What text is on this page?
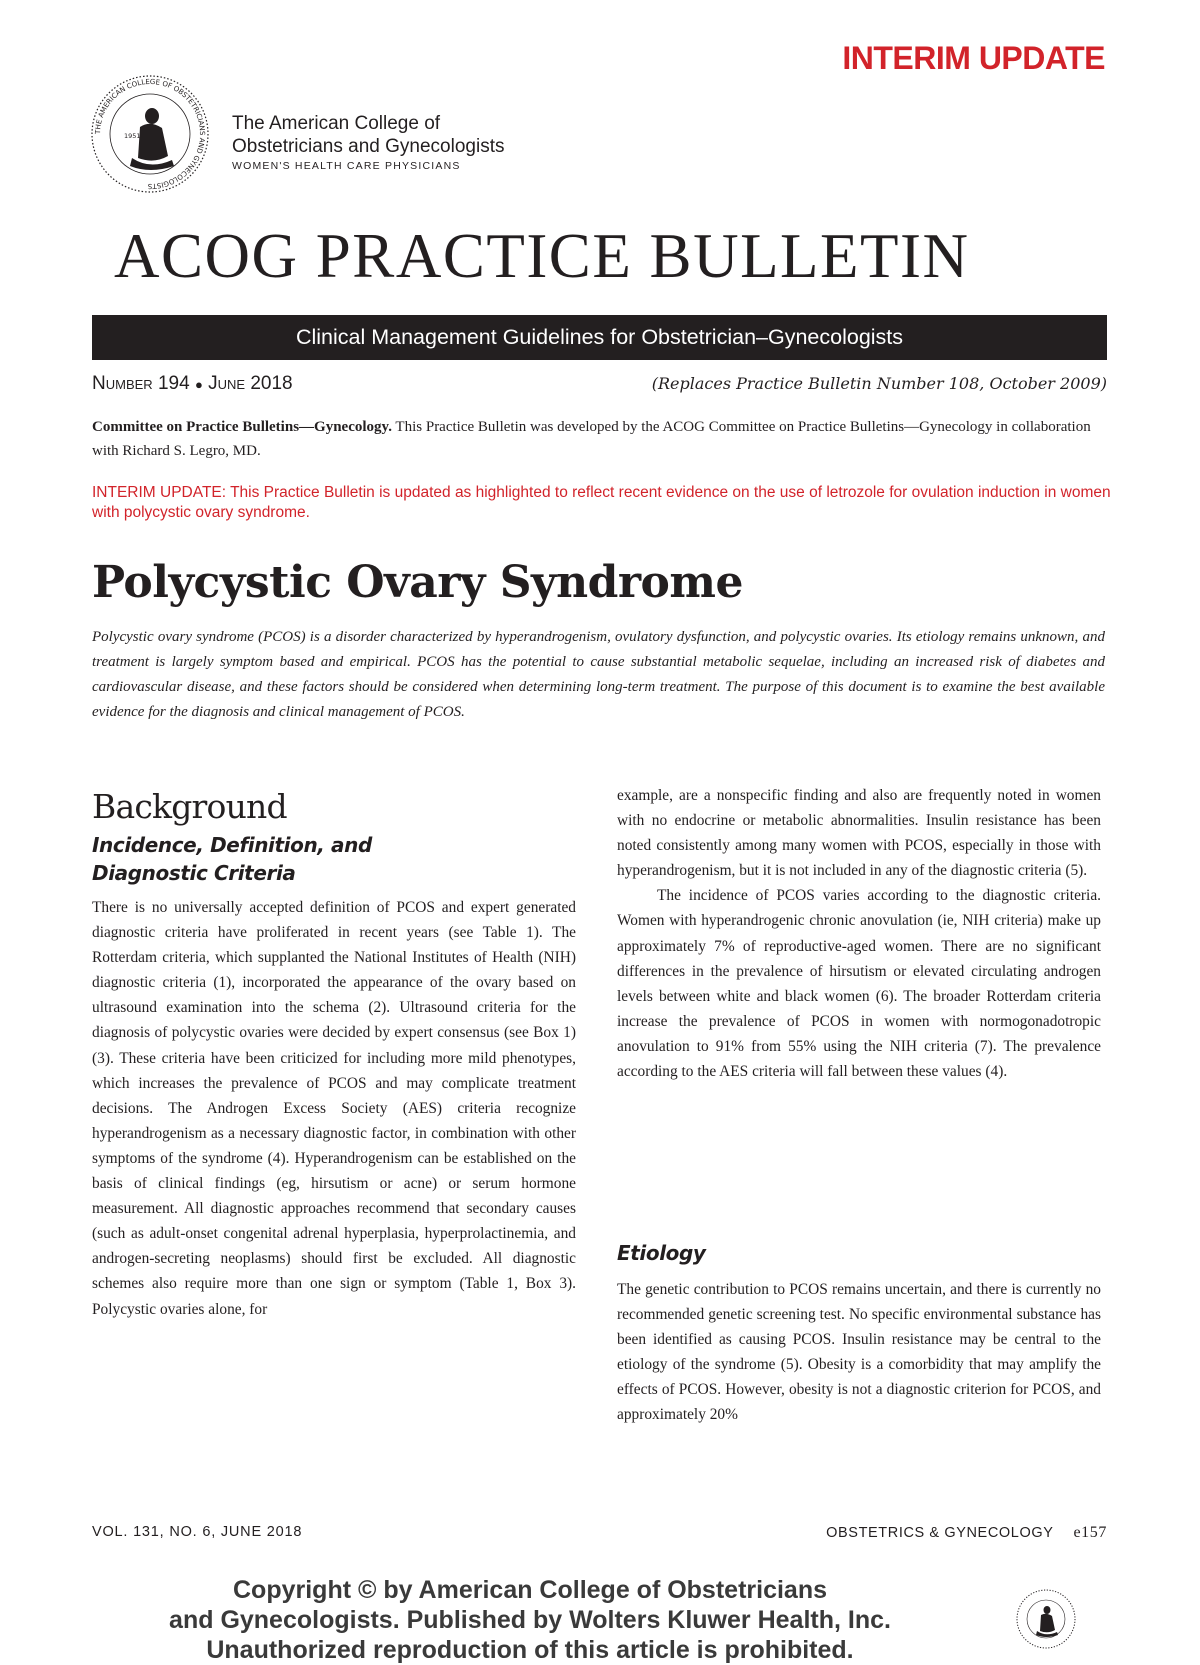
INTERIM UPDATE
THE AMERICAN COLLEGE OF OBSTETRICIANS AND GYNECOLOGISTS
1951
The American College of
Obstetricians and Gynecologists
WOMEN'S HEALTH CARE PHYSICIANS
ACOG PRACTICE BULLETIN
Clinical Management Guidelines for Obstetrician–Gynecologists
Number 194 ● June 2018	(Replaces Practice Bulletin Number 108, October 2009)
Committee on Practice Bulletins—Gynecology. This Practice Bulletin was developed by the ACOG Committee on Practice Bulletins—Gynecology in collaboration with Richard S. Legro, MD.
INTERIM UPDATE: This Practice Bulletin is updated as highlighted to reflect recent evidence on the use of letrozole for ovulation induction in women with polycystic ovary syndrome.
Polycystic Ovary Syndrome
Polycystic ovary syndrome (PCOS) is a disorder characterized by hyperandrogenism, ovulatory dysfunction, and polycystic ovaries. Its etiology remains unknown, and treatment is largely symptom based and empirical. PCOS has the potential to cause substantial metabolic sequelae, including an increased risk of diabetes and cardiovascular disease, and these factors should be considered when determining long-term treatment. The purpose of this document is to examine the best available evidence for the diagnosis and clinical management of PCOS.
Background
Incidence, Definition, and
Diagnostic Criteria

There is no universally accepted definition of PCOS and expert generated diagnostic criteria have proliferated in recent years (see Table 1). The Rotterdam criteria, which supplanted the National Institutes of Health (NIH) diagnostic criteria (1), incorporated the appearance of the ovary based on ultrasound examination into the schema (2). Ultrasound criteria for the diagnosis of polycystic ovaries were decided by expert consensus (see Box 1) (3). These criteria have been criticized for including more mild phenotypes, which increases the prevalence of PCOS and may complicate treatment decisions. The Androgen Excess Society (AES) criteria recognize hyperandrogenism as a necessary diagnostic factor, in combination with other symptoms of the syndrome (4). Hyperandrogenism can be established on the basis of clinical findings (eg, hirsutism or acne) or serum hormone measurement. All diagnostic approaches recommend that secondary causes (such as adult-onset congenital adrenal hyperplasia, hyperprolactinemia, and androgen-secreting neoplasms) should first be excluded. All diagnostic schemes also require more than one sign or symptom (Table 1, Box 3). Polycystic ovaries alone, for

example, are a nonspecific finding and also are frequently noted in women with no endocrine or metabolic abnormalities. Insulin resistance has been noted consistently among many women with PCOS, especially in those with hyperandrogenism, but it is not included in any of the diagnostic criteria (5).

The incidence of PCOS varies according to the diagnostic criteria. Women with hyperandrogenic chronic anovulation (ie, NIH criteria) make up approximately 7% of reproductive-aged women. There are no significant differences in the prevalence of hirsutism or elevated circulating androgen levels between white and black women (6). The broader Rotterdam criteria increase the prevalence of PCOS in women with normogonadotropic anovulation to 91% from 55% using the NIH criteria (7). The prevalence according to the AES criteria will fall between these values (4).

Etiology

The genetic contribution to PCOS remains uncertain, and there is currently no recommended genetic screening test. No specific environmental substance has been identified as causing PCOS. Insulin resistance may be central to the etiology of the syndrome (5). Obesity is a comorbidity that may amplify the effects of PCOS. However, obesity is not a diagnostic criterion for PCOS, and approximately 20%

VOL. 131, NO. 6, JUNE 2018	OBSTETRICS & GYNECOLOGY e157
Copyright © by American College of Obstetricians
and Gynecologists. Published by Wolters Kluwer Health, Inc.
Unauthorized reproduction of this article is prohibited.
